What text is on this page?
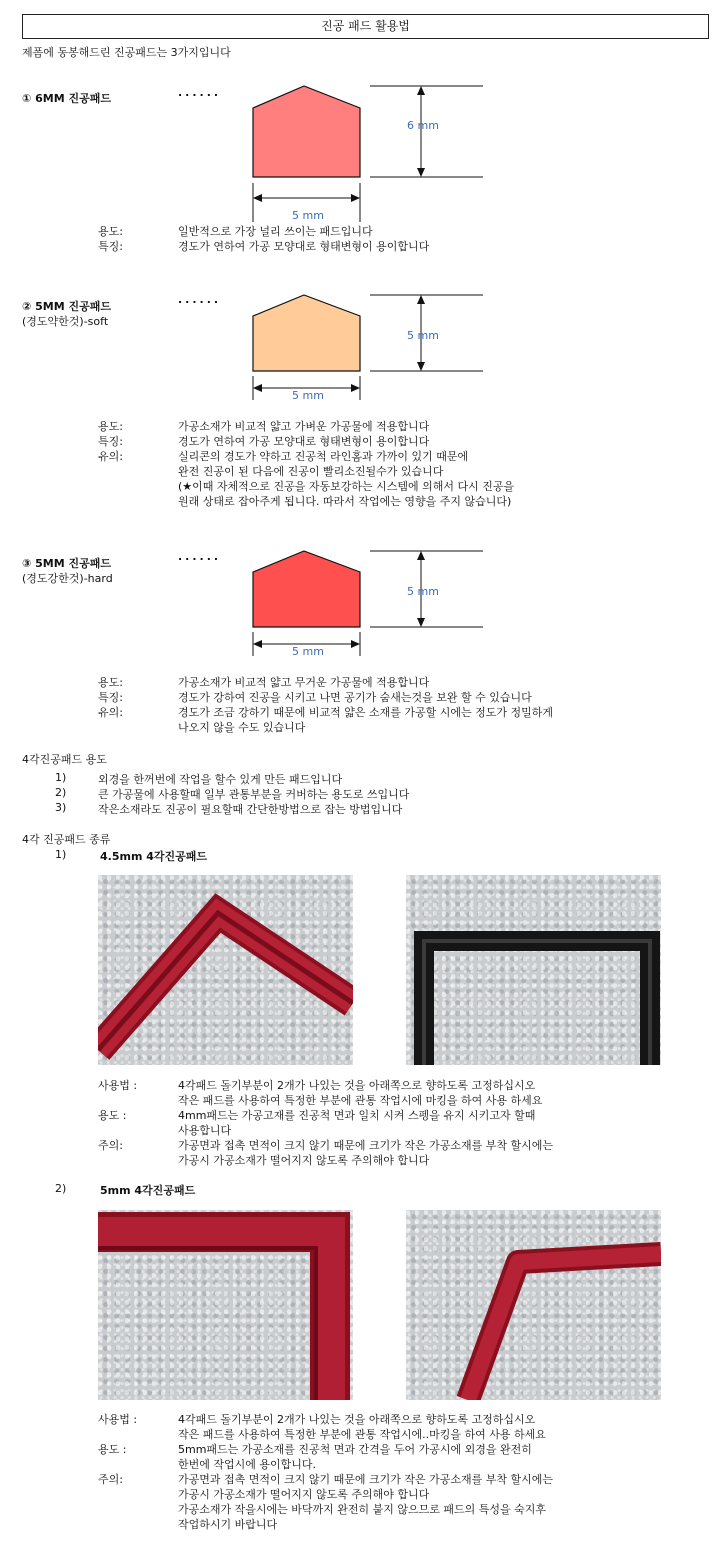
진공 패드 활용법
제폼에 동봉해드린 진공패드는 3가지입니다
① 6MM 진공패드	......
6 mm
5 mm
용도:	일반적으로 가장 널리 쓰이는 패드입니다
특징:	경도가 연하여 가공 모양대로 형태변형이 용이합니다
② 5MM 진공패드
(경도약한것)-soft
......
5 mm
5 mm
용도:	가공소재가 비교적 얇고 가벼운 가공물에 적용합니다
특징:	경도가 연하여 가공 모양대로 형태변형이 용이합니다
유의:	실리콘의 경도가 약하고 진공척 라인홈과 가까이 있기 때문에
완전 진공이 된 다음에 진공이 빨리소진될수가 있습니다
(★이때 자체적으로 진공을 자동보강하는 시스템에 의해서 다시 진공을
원래 상태로 잡아주게 됩니다. 따라서 작업에는 영향을 주지 않습니다)
③ 5MM 진공패드
(경도강한것)-hard
......
5 mm
5 mm
용도:	가공소재가 비교적 얇고 무거운 가공물에 적용합니다
특징:	경도가 강하여 진공을 시키고 나면 공기가 숨새는것을 보완 할 수 있습니다
유의:	경도가 조금 강하기 때문에 비교적 얇은 소재를 가공할 시에는 정도가 정밀하게
나오지 않을 수도 있습니다
4각진공패드 용도
1)	외경을 한꺼번에 작업을 할수 있게 만든 패드입니다
2)	큰 가공물에 사용할때 일부 관통부분을 커버하는 용도로 쓰입니다
3)	작은소재라도 진공이 필요할때 간단한방법으로 잡는 방법입니다
4각 진공패드 종류
1)	4.5mm 4각진공패드
사용법 :	4각패드 돌기부분이 2개가 나있는 것을 아래쪽으로 향하도록 고정하십시오
작은 패드를 사용하여 특정한 부분에 관통 작업시에 마킹을 하여 사용 하세요
용도 :	4mm패드는 가공고재를 진공척 면과 일치 시켜 스펭을 유지 시키고자 할때
사용합니다
주의:	가공면과 접촉 면적이 크지 않기 때문에 크기가 작은 가공소재를 부착 할시에는
가공시 가공소재가 떨어지지 않도록 주의해야 합니다
2)	5mm 4각진공패드
사용법 :	4각패드 돌기부분이 2개가 나있는 것을 아래쪽으로 향하도록 고정하십시오
작은 패드를 사용하여 특정한 부분에 관통 작업시에..마킹을 하여 사용 하세요
용도 :	5mm패드는 가공소재를 진공척 면과 간격을 두어 가공시에 외경을 완전히
한번에 작업시에 용이합니다.
주의:	가공면과 접촉 면적이 크지 않기 때문에 크기가 작은 가공소재를 부착 할시에는
가공시 가공소재가 떨어지지 않도록 주의해야 합니다
가공소재가 작을시에는 바닥까지 완전히 붙지 않으므로 패드의 특성을 숙지후
작업하시기 바랍니다
